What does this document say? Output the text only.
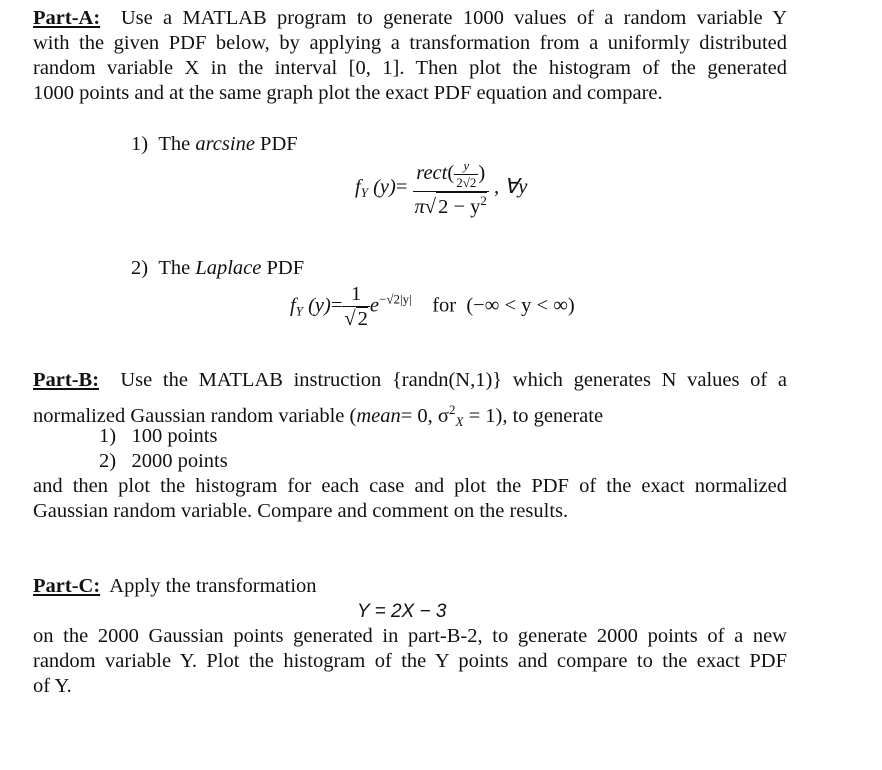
Part-A: Use a MATLAB program to generate 1000 values of a random variable Y
with the given PDF below, by applying a transformation from a uniformly distributed
random variable X in the interval [0, 1]. Then plot the histogram of the generated
1000 points and at the same graph plot the exact PDF equation and compare.
1) The arcsine PDF
$f_Y$ $(y)= \frac{rect( \frac{y}{2√2} )}{\pi√2 - y^2}$ , ∀y
2) The Laplace PDF
$f_Y$ $(y)= \frac{1}{√2} e^{-√2|y|}$ for (−∞ < y < ∞)
Part-B: Use the MATLAB instruction {randn(N,1)} which generates N values of a
normalized Gaussian random variable (mean= 0, $\sigma^2_X = 1$), to generate
1) 100 points
2) 2000 points
and then plot the histogram for each case and plot the PDF of the exact normalized
Gaussian random variable. Compare and comment on the results.
Part-C: Apply the transformation
Y = 2X − 3
on the 2000 Gaussian points generated in part-B-2, to generate 2000 points of a new
random variable Y. Plot the histogram of the Y points and compare to the exact PDF
of Y.
